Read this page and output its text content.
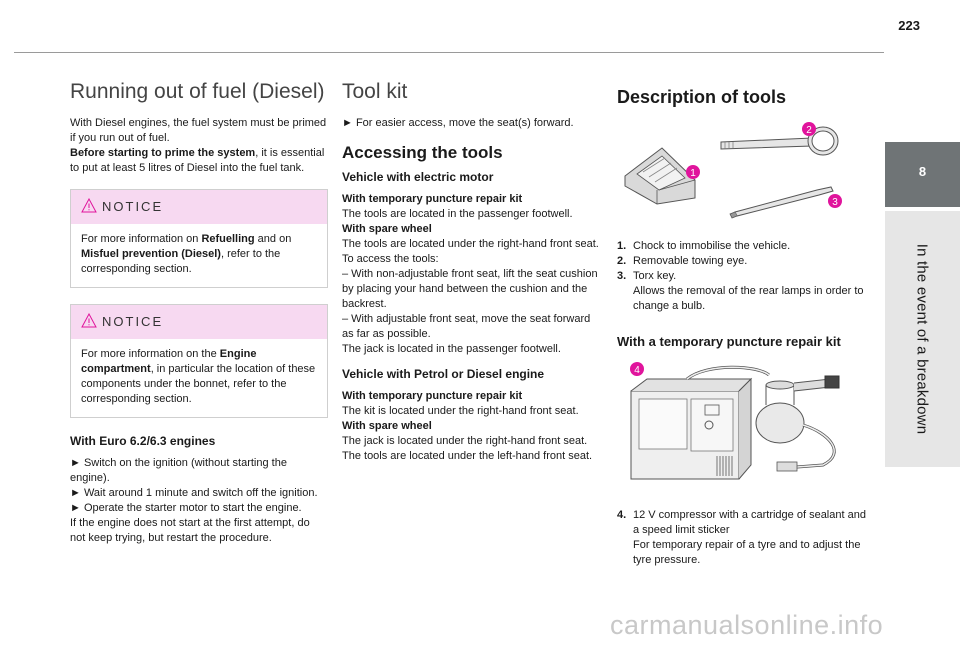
223
8
In the event of a breakdown
Running out of fuel (Diesel)

With Diesel engines, the fuel system must be primed if you run out of fuel.

Before starting to prime the system, it is essential to put at least 5 litres of Diesel into the fuel tank.

NOTICE
For more information on Refuelling and on Misfuel prevention (Diesel), refer to the corresponding section.
NOTICE
For more information on the Engine compartment, in particular the location of these components under the bonnet, refer to the corresponding section.
With Euro 6.2/6.3 engines

► Switch on the ignition (without starting the engine).

► Wait around 1 minute and switch off the ignition.

► Operate the starter motor to start the engine.

If the engine does not start at the first attempt, do not keep trying, but restart the procedure.

Tool kit

► For easier access, move the seat(s) forward.

Accessing the tools
Vehicle with electric motor

With temporary puncture repair kit

The tools are located in the passenger footwell.

With spare wheel

The tools are located under the right-hand front seat.

To access the tools:

– With non-adjustable front seat, lift the seat cushion by placing your hand between the cushion and the backrest.

– With adjustable front seat, move the seat forward as far as possible.

The jack is located in the passenger footwell.

Vehicle with Petrol or Diesel engine

With temporary puncture repair kit

The kit is located under the right-hand front seat.

With spare wheel

The jack is located under the right-hand front seat.

The tools are located under the left-hand front seat.

Description of tools
1
2
3
1. Chock to immobilise the vehicle.
2. Removable towing eye.
3. Torx key.
Allows the removal of the rear lamps in order to change a bulb.
With a temporary puncture repair kit
4
4. 12 V compressor with a cartridge of sealant and a speed limit sticker
For temporary repair of a tyre and to adjust the tyre pressure.
carmanualsonline.info
